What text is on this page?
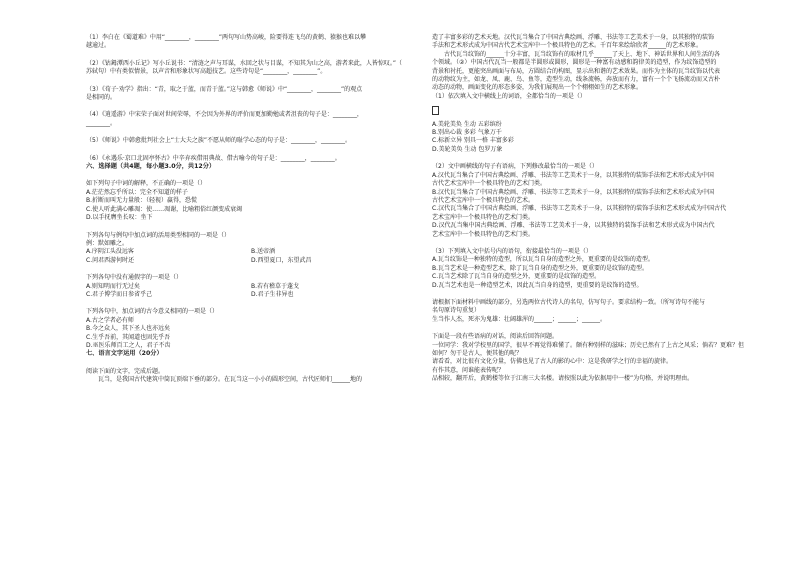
（1）李白在《蜀道难》中用“________，________”两句写山势高峻，险要得连飞鸟的黄鹤、猿猴也难以攀

越逾过。

（2）《钴鉧潭西小丘记》写小丘说书：“清涟之声与耳谋，水回之状与目谋，不知其为山之高，游者来此，人皆惊叹。”（

苏轼句）中有类似情景，以声音和形象状写高超技艺。这些诗句是“________，________”。

（3）《荀子·劝学》指出：“青，取之于蓝，而青于蓝。”这与韩愈《师说》中“________，________”的观点

是相同的。

（4）《逍遥游》中宋荣子面对世间荣辱，不会因为外界的评价而更加勤勉或者沮丧的句子是：________，

________。

（5）《师说》中韩愈批判社会上“士大夫之族”不愿从师的耻学心态的句子是：________，________。

（6）《永遇乐·京口北固亭怀古》中辛弃疾借用典故、借古喻今的句子是：________，________。

六、选择题（共4题，每小题3.0分，共12分）

如下列句子中词的解释，不正确的一项是（）

A.茫茫然忘乎所以：完全不知道的样子

B.折断而叫无力量般：（轻视）赢得，恐慌

C.使人听此满心雕凋：使……凋谢，比喻粗俗红颜变成衰竭

D.以手抚膺坐长叹：坐下

下列各句与例句中加点词的活用类型相同的一项是（）

例：默如雕之。

A.序阴江头没远客	B.送帝酒
C.问君西游何时还	D.西望夏口，东望武昌

下列各句中没有通假字的一项是（）

A.则知明而行无过矣	B.若有稽草于蓬戈
C.君子博学而日参省乎己	D.君子生非异也

下列各句中，加点词的古今意义相同的一项是（）

A.古之学者必有师

B.今之众人，其下圣人也亦远矣

C.生乎吾前，其闻道也固先乎吾

D.巫医乐师百工之人，君子不齿

七、语言文字运用（20分）

阅读下面的文字，完成后题。

瓦当，是我国古代建筑中筒瓦顶端下垂的部分。在瓦当这一小小的圆形空间，古代匠师们______地的

造了丰富多彩的艺术天地。汉代瓦当集合了中国古典绘画、浮雕、书法等工艺美术于一身，以其独特的装饰

手法和艺术形式成为中国古代艺术宝库中一个极具特色的艺术。千百年来绘给欣者______的艺术形象。

古代瓦当纹饰的______十分丰富，瓦当纹饰有的取材几乎______了天上、地下、神话世界和人间生活的各

个领域。（②）中国古代瓦当一般都是半圆形或圆形，圆形是一种富有动感和韵律美的造型，作为纹饰造型的

背景和衬托，更能突出画面与布局，方圆结合的构图，显示出和谐的艺术效果。而作为主体的瓦当纹饰以代表

的动物纹为主，如龙、凤、鹿、鸟、鱼等，造型生动，线条流畅，奔放而有力，富有一个个飞扬流动而又古朴

动态的动物，画面变化的形态多姿，为我们展现出一个个栩栩如生的艺术形象。

（1）依次填入文中横线上的词语，全都恰当的一项是（）

A.美轮美奂 生动 五彩缤纷

B.别出心裁 多彩 气象万千

C.标新立异 别具一格 丰富多彩

D.美轮美奂 生动 包罗万象

（2）文中画横线的句子有语病，下列修改最恰当的一项是（）

A.汉代瓦当集合了中国古典绘画、浮雕、书法等工艺美术于一身，以其独特的装饰手法和艺术形式成为中国

古代艺术宝库中一个极具特色的艺术门类。

B.汉代瓦当集合了中国古典绘画、浮雕、书法等工艺美术于一身，以其独特的装饰手法和艺术形式成为中国

古代艺术宝库中一个极具特色的艺术。

C.汉代瓦当集合了中国古典绘画、浮雕、书法等工艺美术于一身，以其独特的装饰手法和艺术形式成为中国古代

艺术宝库中一个极具特色的艺术门类。

D.汉代瓦当集中国古典绘画、浮雕、书法等工艺美术于一身，以其独特的装饰手法和艺术形式成为中国古代

艺术宝库中一个极具特色的艺术门类。

（3）下列填入文中括号内的语句，衔接最恰当的一项是（）

A.瓦当纹饰是一种独特的造型，所以瓦当自身的造型之外，更重要的是纹饰的造型。

B.瓦当艺术是一种造型艺术，除了瓦当自身的造型之外，更重要的是纹饰的造型。

C.瓦当艺术除了瓦当自身的造型之外，更重要的是纹饰的造型。

D.瓦当艺术也是一种造型艺术，因此瓦当自身的造型，更重要的是纹饰的造型。

请根据下面材料中画线的部分，另选两位古代诗人的名句，仿写句子。要求结构一致。（所写诗句不能与

名句原诗句重复）

生当作人杰，死亦为鬼雄：壮阔雄浑的______；______；______。

下面是一段有些语病的对话，阅读后回答问题。

一位同学：我对学校里的国学，很早不再觉得难懂了。颇有种别样的滋味；历史已然有了上古之风采；倘若？更难？但

如何？勿干是古人，便其他的呢？

请看看，对比很有文化分量，仿佛也见了古人的影的心中：这是我研学之行的幸福的旋律。

有作其意，问谁能表传呢？

品相较，翻开后，黄鹤楼等位于江南三大名楼。请按照以此为依据用中一楼”为句格，并说明理由。
